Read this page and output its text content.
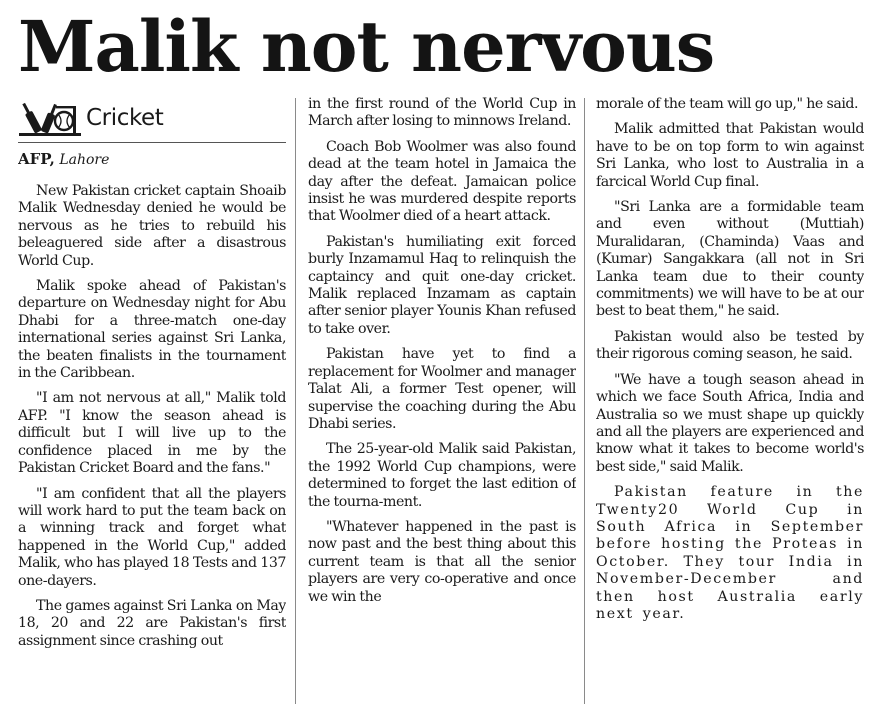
Malik not nervous
Cricket
AFP, Lahore

New Pakistan cricket captain Shoaib Malik Wednesday denied he would be nervous as he tries to rebuild his beleaguered side after a disastrous World Cup.

Malik spoke ahead of Pakistan's departure on Wednesday night for Abu Dhabi for a three-match one-day international series against Sri Lanka, the beaten finalists in the tournament in the Caribbean.

"I am not nervous at all," Malik told AFP. "I know the season ahead is difficult but I will live up to the confidence placed in me by the Pakistan Cricket Board and the fans."

"I am confident that all the players will work hard to put the team back on a winning track and forget what happened in the World Cup," added Malik, who has played 18 Tests and 137 one-dayers.

The games against Sri Lanka on May 18, 20 and 22 are Pakistan's first assignment since crashing out

in the first round of the World Cup in March after losing to minnows Ireland.

Coach Bob Woolmer was also found dead at the team hotel in Jamaica the day after the defeat. Jamaican police insist he was murdered despite reports that Woolmer died of a heart attack.

Pakistan's humiliating exit forced burly Inzamamul Haq to relinquish the captaincy and quit one-day cricket. Malik replaced Inzamam as captain after senior player Younis Khan refused to take over.

Pakistan have yet to find a replacement for Woolmer and manager Talat Ali, a former Test opener, will supervise the coaching during the Abu Dhabi series.

The 25-year-old Malik said Pakistan, the 1992 World Cup champions, were determined to forget the last edition of the tourna-ment.

"Whatever happened in the past is now past and the best thing about this current team is that all the senior players are very co-operative and once we win the

morale of the team will go up," he said.

Malik admitted that Pakistan would have to be on top form to win against Sri Lanka, who lost to Australia in a farcical World Cup final.

"Sri Lanka are a formidable team and even without (Muttiah) Muralidaran, (Chaminda) Vaas and (Kumar) Sangakkara (all not in Sri Lanka team due to their county commitments) we will have to be at our best to beat them," he said.

Pakistan would also be tested by their rigorous coming season, he said.

"We have a tough season ahead in which we face South Africa, India and Australia so we must shape up quickly and all the players are experienced and know what it takes to become world's best side," said Malik.

Pakistan feature in the Twenty20 World Cup in South Africa in September before hosting the Proteas in October. They tour India in November-December and then host Australia early next year.
